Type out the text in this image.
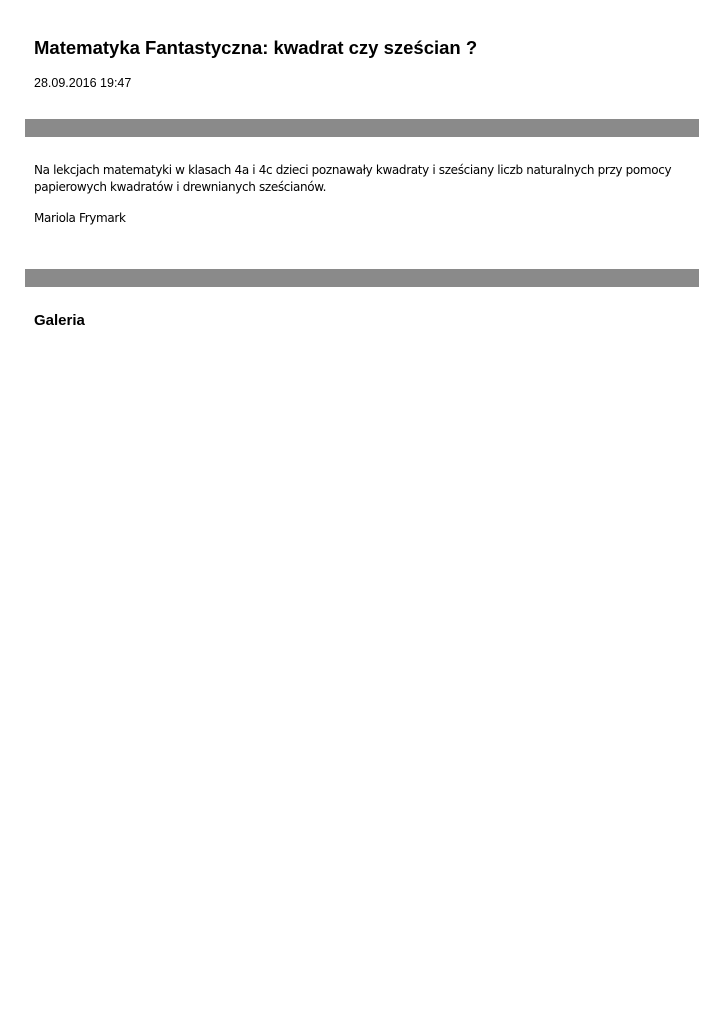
Matematyka Fantastyczna: kwadrat czy sześcian ?
28.09.2016 19:47

Na lekcjach matematyki w klasach 4a i 4c dzieci poznawały kwadraty i sześciany liczb naturalnych przy pomocy papierowych kwadratów i drewnianych sześcianów.

Mariola Frymark
Galeria
